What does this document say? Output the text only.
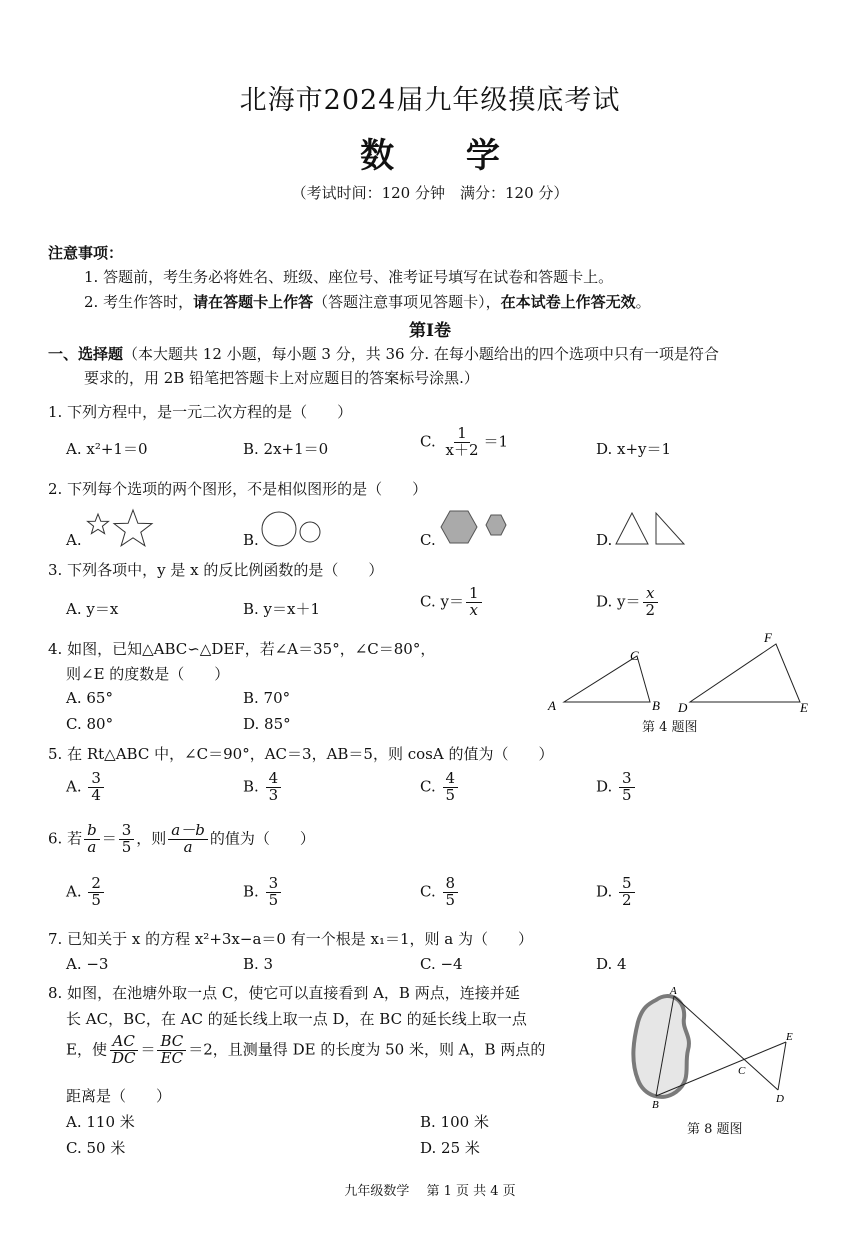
北海市2024届九年级摸底考试
数 学
（考试时间：120 分钟　满分：120 分）
注意事项：
1. 答题前，考生务必将姓名、班级、座位号、准考证号填写在试卷和答题卡上。
2. 考生作答时，请在答题卡上作答（答题注意事项见答题卡），在本试卷上作答无效。
第Ⅰ卷
一、选择题（本大题共 12 小题，每小题 3 分，共 36 分. 在每小题给出的四个选项中只有一项是符合
要求的，用 2B 铅笔把答题卡上对应题目的答案标号涂黑.）
1. 下列方程中，是一元二次方程的是（　　）
A. x²+1＝0	B. 2x+1＝0	C. $\frac{1}{x+2} =1$	D. x+y＝1
2. 下列每个选项的两个图形，不是相似图形的是（　　）
A.	B.	C.	D.
3. 下列各项中，y 是 x 的反比例函数的是（　　）
A. y＝x	B. y＝x＋1	C. $y= \frac{1}{x}$	D. $y= \frac{x}{2}$
4. 如图，已知△ABC∽△DEF，若∠A＝35°，∠C＝80°，
则∠E 的度数是（　　）
A. 65°	B. 70°
C. 80°	D. 85°
A	B
C
D	E
F
第 4 题图
5. 在 Rt△ABC 中，∠C＝90°，AC＝3，AB＝5，则 cosA 的值为（　　）
A. $\frac{3}{4}$	B. $\frac{4}{3}$	C. $\frac{4}{5}$	D. $\frac{3}{5}$
6. 若 $\frac{b}{a} = \frac{3}{5}$ ，则 $\frac{a-b}{a}$ 的值为（　　）
A. $\frac{2}{5}$	B. $\frac{3}{5}$	C. $\frac{8}{5}$	D. $\frac{5}{2}$
7. 已知关于 x 的方程 x²+3x−a＝0 有一个根是 x₁＝1，则 a 为（　　）
A. −3	B. 3	C. −4	D. 4
8. 如图，在池塘外取一点 C，使它可以直接看到 A，B 两点，连接并延
长 AC，BC，在 AC 的延长线上取一点 D，在 BC 的延长线上取一点
E，使 $\frac{AC}{DC} = \frac{BC}{EC} =2$，且测量得 DE 的长度为 50 米，则 A，B 两点的
距离是（　　）
A. 110 米	B. 100 米
C. 50 米	D. 25 米
A
B
C
D
E
第 8 题图
九年级数学　 第 1 页 共 4 页
